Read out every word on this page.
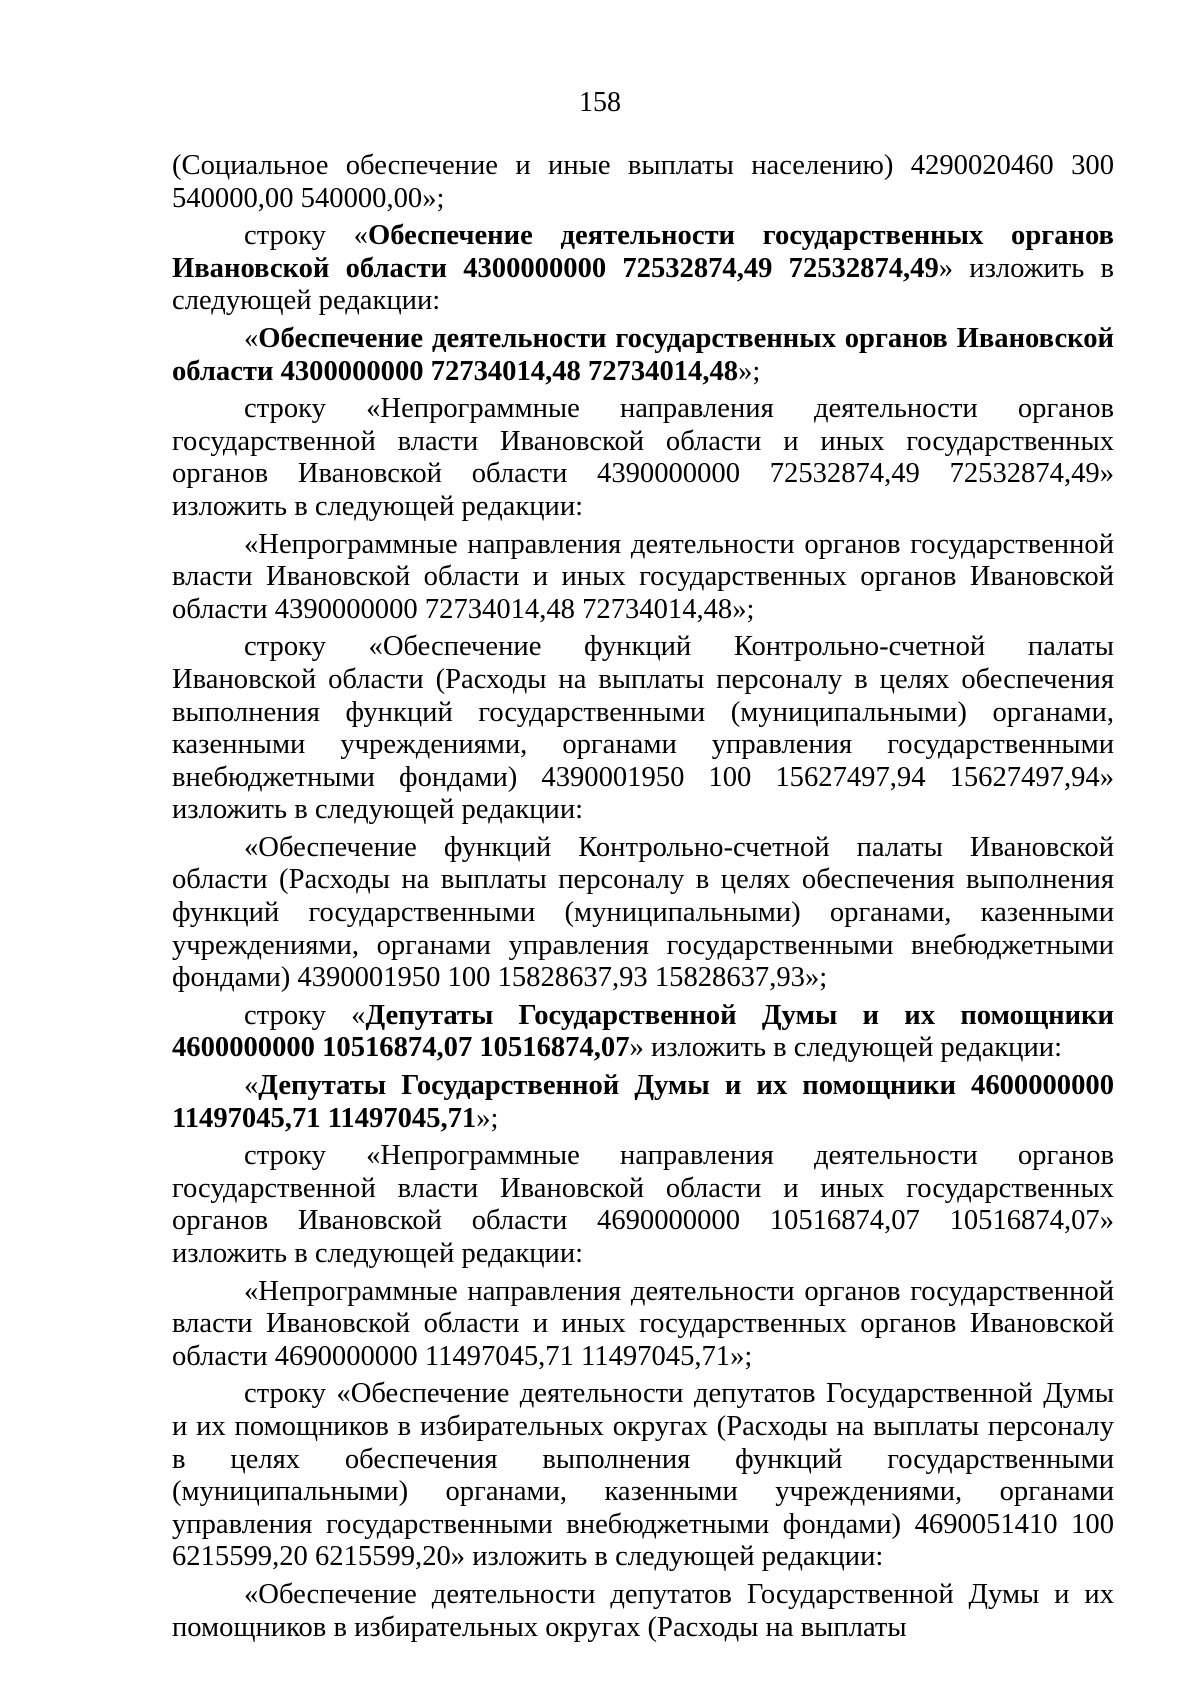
158

(Социальное обеспечение и иные выплаты населению) 4290020460 300 540000,00 540000,00»;

строку «Обеспечение деятельности государственных органов Ивановской области 4300000000 72532874,49 72532874,49» изложить в следующей редакции:

«Обеспечение деятельности государственных органов Ивановской области 4300000000 72734014,48 72734014,48»;

строку «Непрограммные направления деятельности органов государственной власти Ивановской области и иных государственных органов Ивановской области 4390000000 72532874,49 72532874,49» изложить в следующей редакции:

«Непрограммные направления деятельности органов государственной власти Ивановской области и иных государственных органов Ивановской области 4390000000 72734014,48 72734014,48»;

строку «Обеспечение функций Контрольно-счетной палаты Ивановской области (Расходы на выплаты персоналу в целях обеспечения выполнения функций государственными (муниципальными) органами, казенными учреждениями, органами управления государственными внебюджетными фондами) 4390001950 100 15627497,94 15627497,94» изложить в следующей редакции:

«Обеспечение функций Контрольно-счетной палаты Ивановской области (Расходы на выплаты персоналу в целях обеспечения выполнения функций государственными (муниципальными) органами, казенными учреждениями, органами управления государственными внебюджетными фондами) 4390001950 100 15828637,93 15828637,93»;

строку «Депутаты Государственной Думы и их помощники 4600000000 10516874,07 10516874,07» изложить в следующей редакции:

«Депутаты Государственной Думы и их помощники 4600000000 11497045,71 11497045,71»;

строку «Непрограммные направления деятельности органов государственной власти Ивановской области и иных государственных органов Ивановской области 4690000000 10516874,07 10516874,07» изложить в следующей редакции:

«Непрограммные направления деятельности органов государственной власти Ивановской области и иных государственных органов Ивановской области 4690000000 11497045,71 11497045,71»;

строку «Обеспечение деятельности депутатов Государственной Думы и их помощников в избирательных округах (Расходы на выплаты персоналу в целях обеспечения выполнения функций государственными (муниципальными) органами, казенными учреждениями, органами управления государственными внебюджетными фондами) 4690051410 100 6215599,20 6215599,20» изложить в следующей редакции:

«Обеспечение деятельности депутатов Государственной Думы и их помощников в избирательных округах (Расходы на выплаты
